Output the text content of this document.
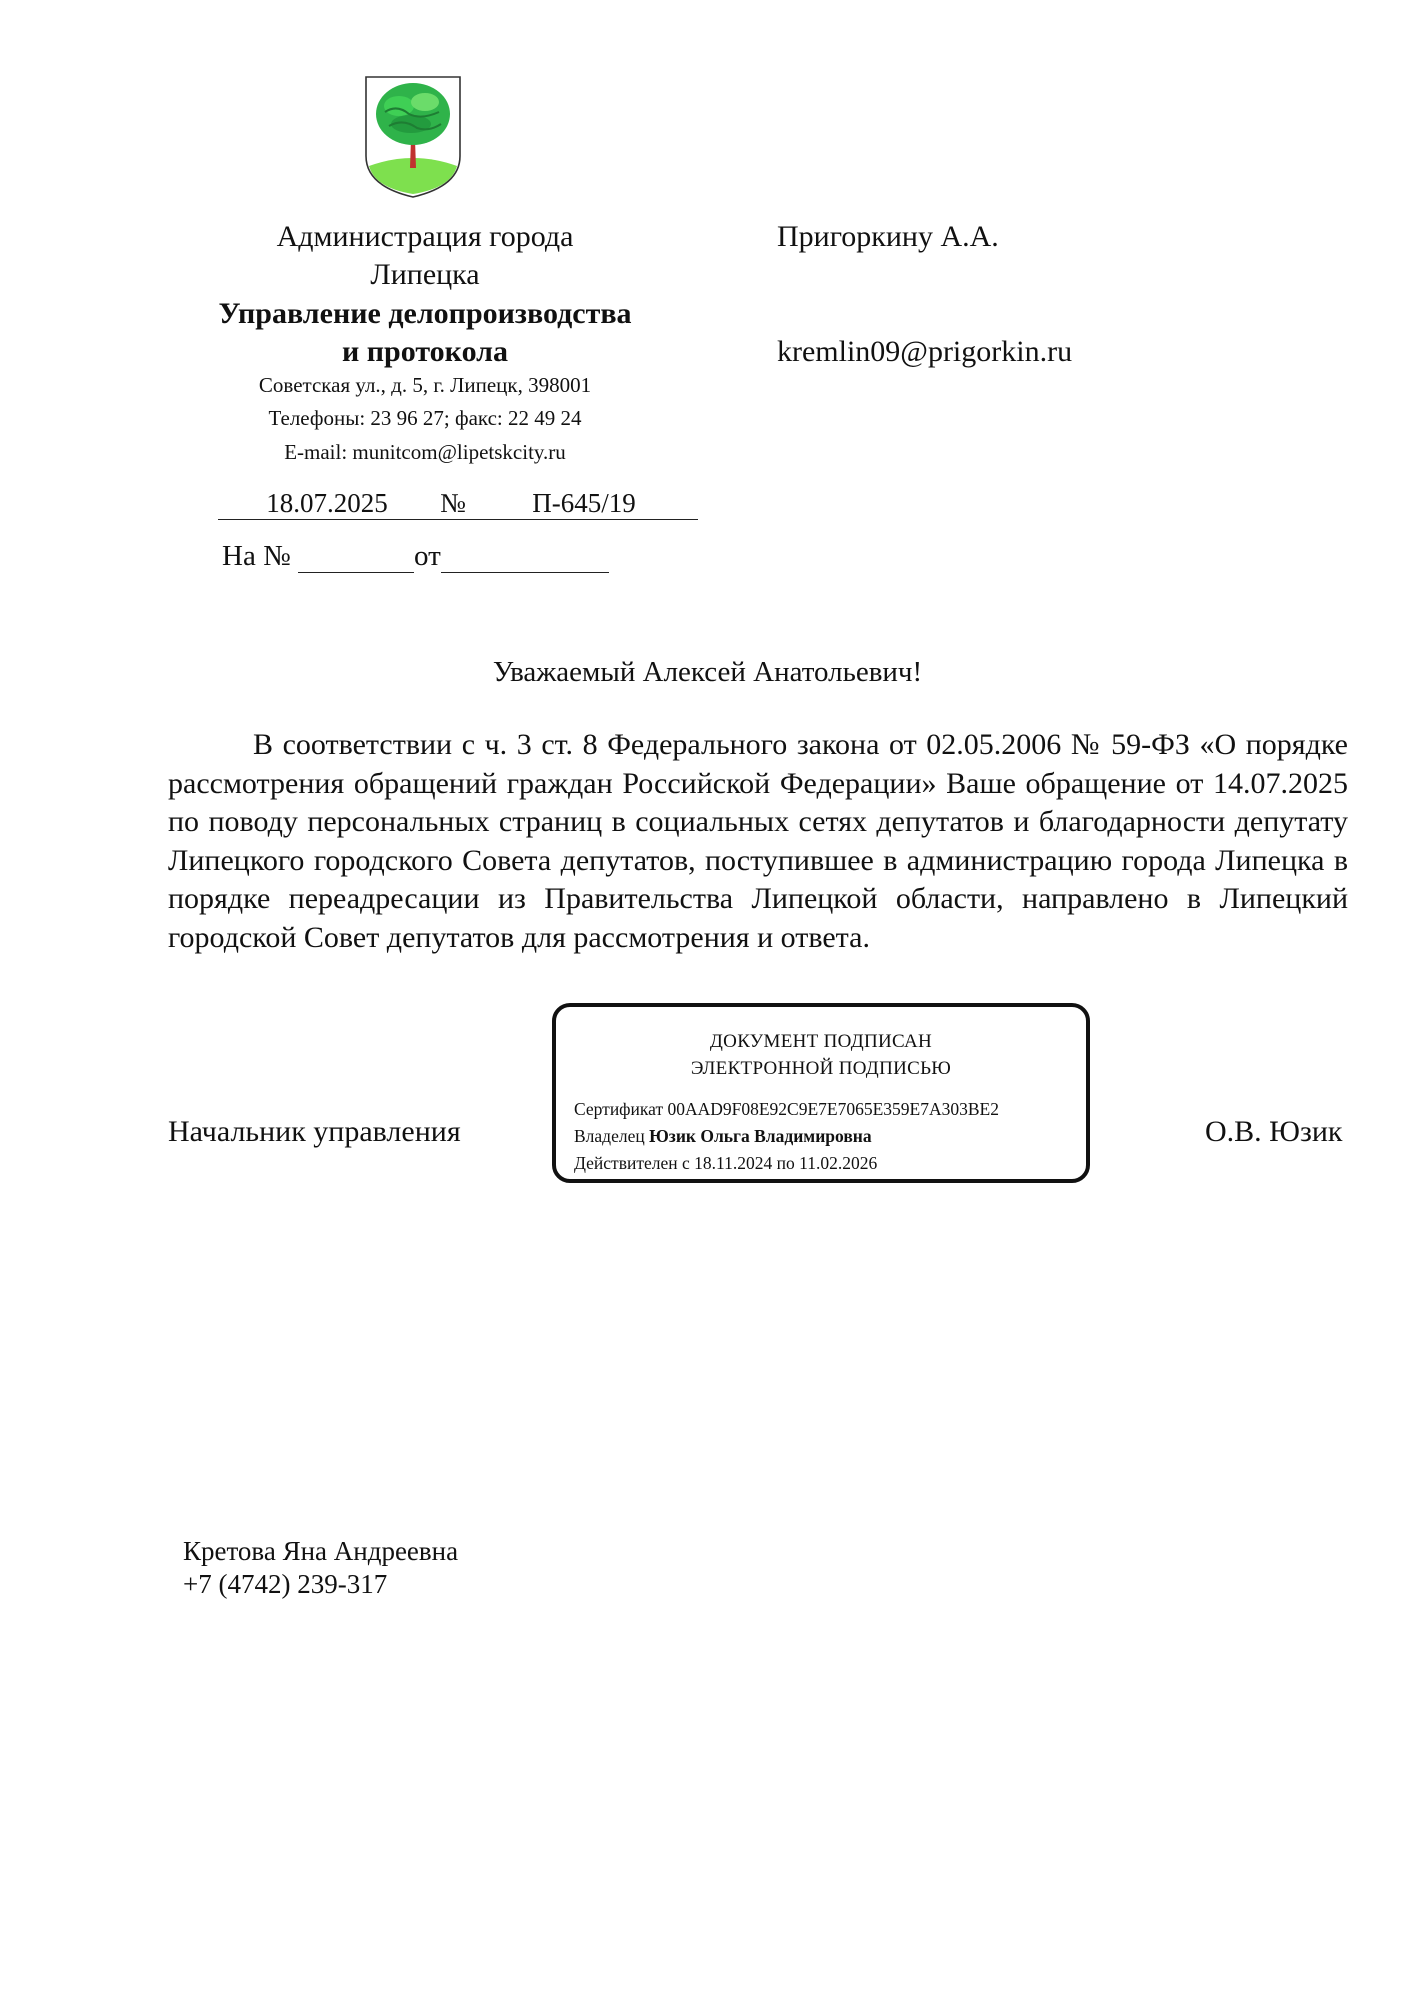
Администрация города
Липецка
Управление делопроизводства
и протокола
Советская ул., д. 5, г. Липецк, 398001
Телефоны: 23 96 27; факс: 22 49 24
E-mail: munitcom@lipetskcity.ru
18.07.2025 № П-645/19
На №	от
Пригоркину А.А.
kremlin09@prigorkin.ru
Уважаемый Алексей Анатольевич!
В соответствии с ч. 3 ст. 8 Федерального закона от 02.05.2006 № 59-ФЗ «О порядке рассмотрения обращений граждан Российской Федерации» Ваше обращение от 14.07.2025 по поводу персональных страниц в социальных сетях депутатов и благодарности депутату Липецкого городского Совета депутатов, поступившее в администрацию города Липецка в порядке переадресации из Правительства Липецкой области, направлено в Липецкий городской Совет депутатов для рассмотрения и ответа.
Начальник управления	О.В. Юзик
ДОКУМЕНТ ПОДПИСАН
ЭЛЕКТРОННОЙ ПОДПИСЬЮ
Сертификат 00AAD9F08E92C9E7E7065E359E7A303BE2
Владелец Юзик Ольга Владимировна
Действителен с 18.11.2024 по 11.02.2026
Кретова Яна Андреевна
+7 (4742) 239-317
